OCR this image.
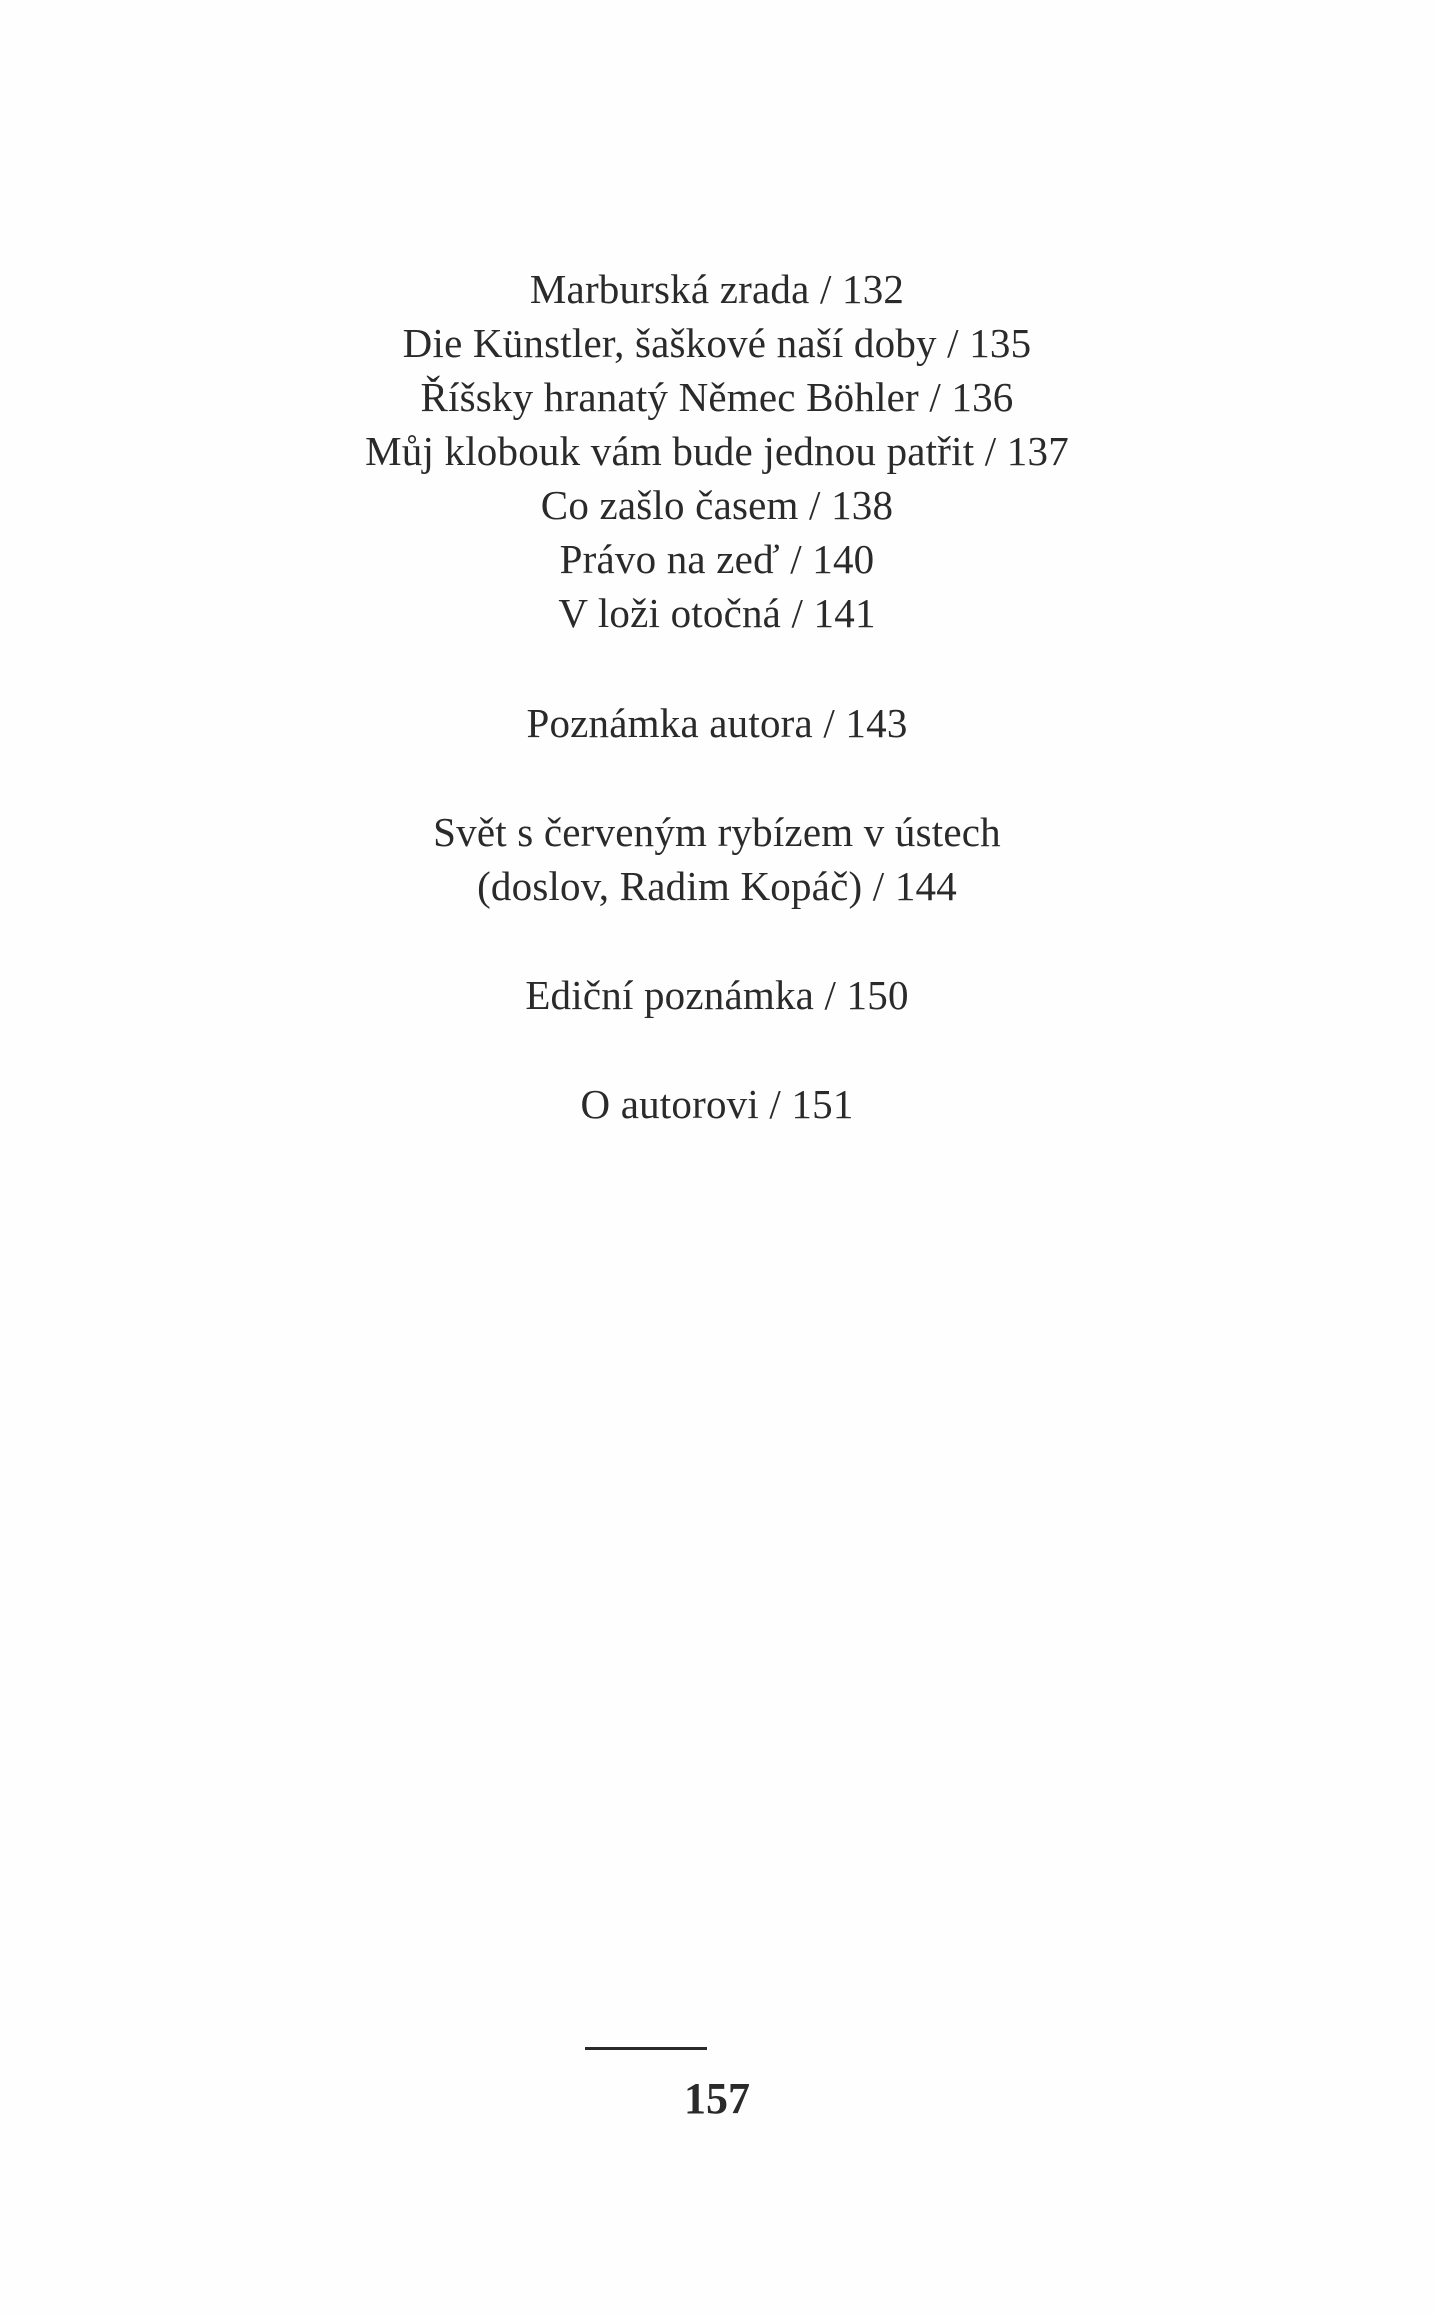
Marburská zrada / 132
Die Künstler, šaškové naší doby / 135
Říšsky hranatý Němec Böhler / 136
Můj klobouk vám bude jednou patřit / 137
Co zašlo časem / 138
Právo na zeď / 140
V loži otočná / 141
Poznámka autora / 143
Svět s červeným rybízem v ústech
(doslov, Radim Kopáč) / 144
Ediční poznámka / 150
O autorovi / 151
157
